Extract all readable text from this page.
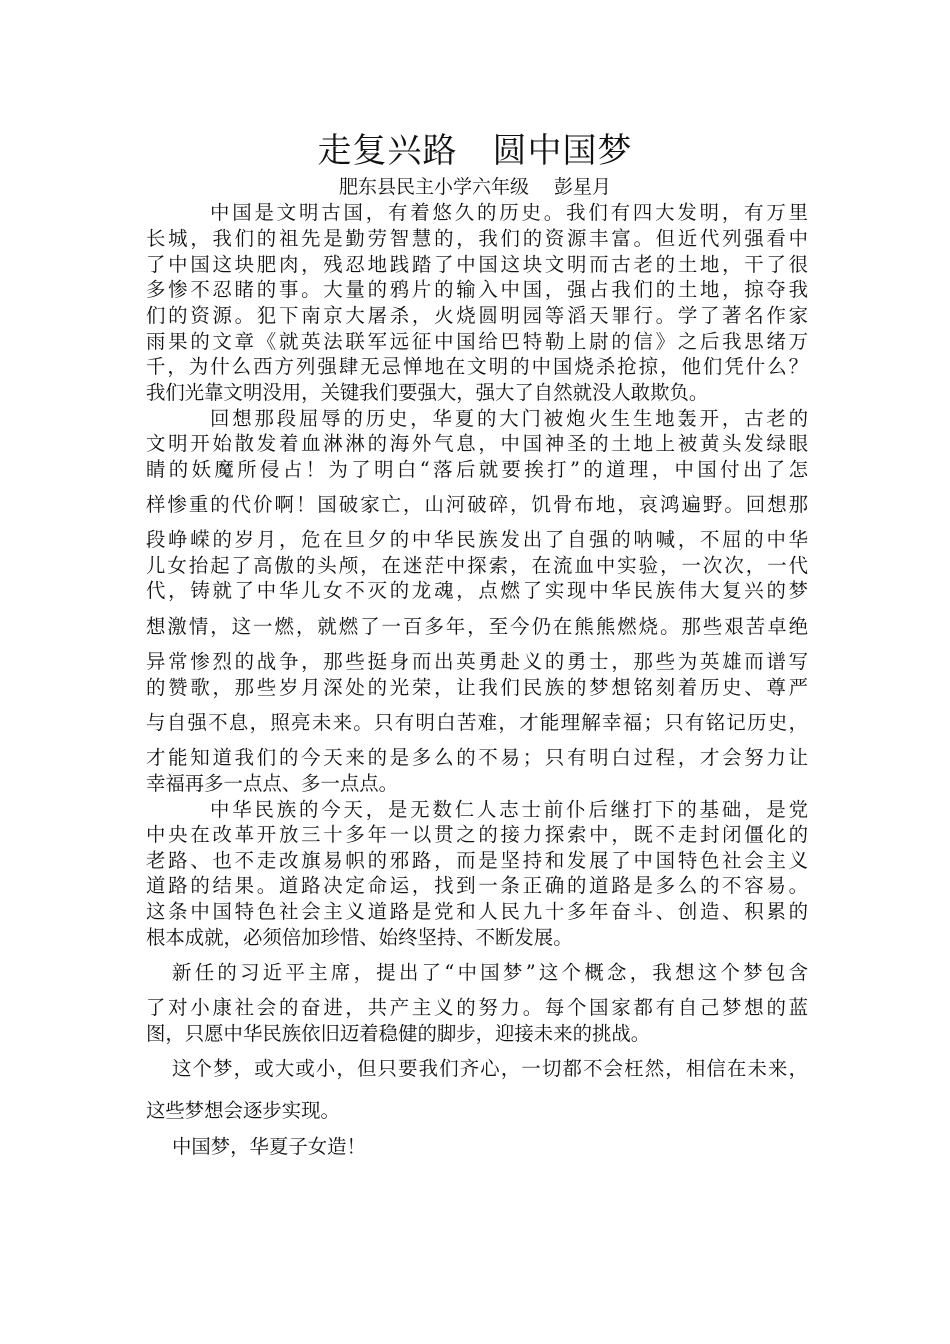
走复兴路　圆中国梦
肥东县民主小学六年级　 彭星月
中国是文明古国，有着悠久的历史。我们有四大发明，有万里
长城，我们的祖先是勤劳智慧的，我们的资源丰富。但近代列强看中
了中国这块肥肉，残忍地践踏了中国这块文明而古老的土地，干了很
多惨不忍睹的事。大量的鸦片的输入中国，强占我们的土地，掠夺我
们的资源。犯下南京大屠杀，火烧圆明园等滔天罪行。学了著名作家
雨果的文章《就英法联军远征中国给巴特勒上尉的信》之后我思绪万
千，为什么西方列强肆无忌惮地在文明的中国烧杀抢掠，他们凭什么？
我们光靠文明没用，关键我们要强大，强大了自然就没人敢欺负。
回想那段屈辱的历史，华夏的大门被炮火生生地轰开，古老的
文明开始散发着血淋淋的海外气息，中国神圣的土地上被黄头发绿眼
睛的妖魔所侵占！为了明白“落后就要挨打”的道理，中国付出了怎
样惨重的代价啊！国破家亡，山河破碎，饥骨布地，哀鸿遍野。回想那
段峥嵘的岁月，危在旦夕的中华民族发出了自强的呐喊，不屈的中华
儿女抬起了高傲的头颅，在迷茫中探索，在流血中实验，一次次，一代
代，铸就了中华儿女不灭的龙魂，点燃了实现中华民族伟大复兴的梦
想激情，这一燃，就燃了一百多年，至今仍在熊熊燃烧。那些艰苦卓绝
异常惨烈的战争，那些挺身而出英勇赴义的勇士，那些为英雄而谱写
的赞歌，那些岁月深处的光荣，让我们民族的梦想铭刻着历史、尊严
与自强不息，照亮未来。只有明白苦难，才能理解幸福；只有铭记历史，
才能知道我们的今天来的是多么的不易；只有明白过程，才会努力让
幸福再多一点点、多一点点。
中华民族的今天，是无数仁人志士前仆后继打下的基础，是党
中央在改革开放三十多年一以贯之的接力探索中，既不走封闭僵化的
老路、也不走改旗易帜的邪路，而是坚持和发展了中国特色社会主义
道路的结果。道路决定命运，找到一条正确的道路是多么的不容易。
这条中国特色社会主义道路是党和人民九十多年奋斗、创造、积累的
根本成就，必须倍加珍惜、始终坚持、不断发展。
新任的习近平主席，提出了“中国梦”这个概念，我想这个梦包含
了对小康社会的奋进，共产主义的努力。每个国家都有自己梦想的蓝
图，只愿中华民族依旧迈着稳健的脚步，迎接未来的挑战。
这个梦，或大或小，但只要我们齐心，一切都不会枉然，相信在未来，
这些梦想会逐步实现。
中国梦，华夏子女造！
